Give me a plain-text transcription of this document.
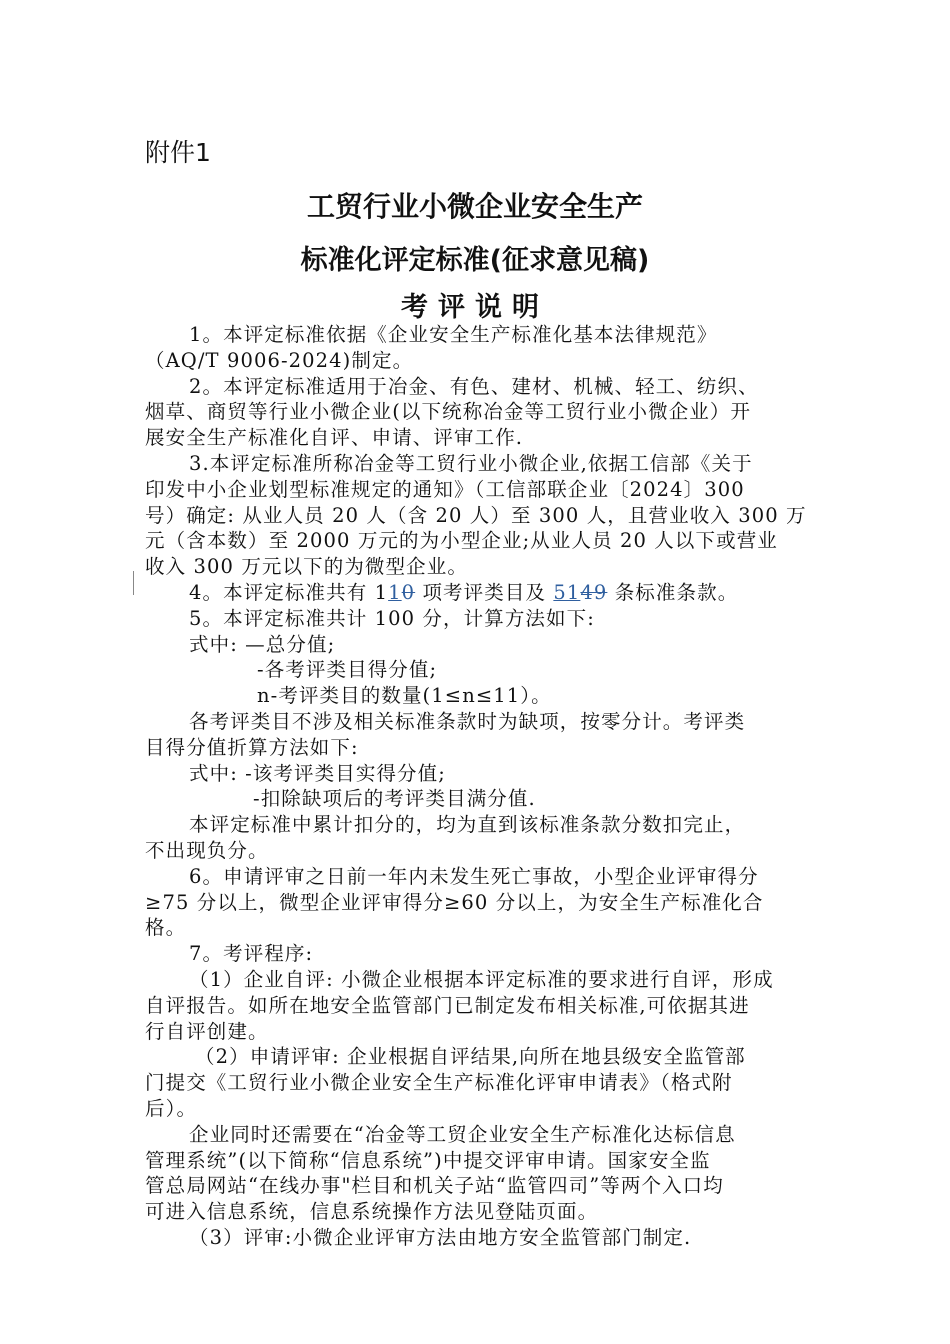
附件1
工贸行业小微企业安全生产
标准化评定标准(征求意见稿)
考评说明

1。本评定标准依据《企业安全生产标准化基本法律规范》

（AQ/T 9006-2024)制定。

2。本评定标准适用于冶金、有色、建材、机械、轻工、纺织、

烟草、商贸等行业小微企业(以下统称冶金等工贸行业小微企业）开

展安全生产标准化自评、申请、评审工作.

3.本评定标准所称冶金等工贸行业小微企业,依据工信部《关于

印发中小企业划型标准规定的通知》（工信部联企业〔2024〕300

号）确定: 从业人员 20 人（含 20 人）至 300 人，且营业收入 300 万

元（含本数）至 2000 万元的为小型企业;从业人员 20 人以下或营业

收入 300 万元以下的为微型企业。

4。本评定标准共有 110 项考评类目及 5149 条标准条款。

5。本评定标准共计 100 分，计算方法如下:

式中: —总分值;

-各考评类目得分值;

n-考评类目的数量(1≤n≤11）。

各考评类目不涉及相关标准条款时为缺项，按零分计。考评类

目得分值折算方法如下:

式中: -该考评类目实得分值;

-扣除缺项后的考评类目满分值.

本评定标准中累计扣分的，均为直到该标准条款分数扣完止，

不出现负分。

6。申请评审之日前一年内未发生死亡事故，小型企业评审得分

≥75 分以上，微型企业评审得分≥60 分以上，为安全生产标准化合

格。

7。考评程序:

（1）企业自评: 小微企业根据本评定标准的要求进行自评，形成

自评报告。如所在地安全监管部门已制定发布相关标准,可依据其进

行自评创建。

（2）申请评审: 企业根据自评结果,向所在地县级安全监管部

门提交《工贸行业小微企业安全生产标准化评审申请表》（格式附

后）。

企业同时还需要在“冶金等工贸企业安全生产标准化达标信息

管理系统”(以下简称“信息系统”)中提交评审申请。国家安全监

管总局网站“在线办事"栏目和机关子站“监管四司”等两个入口均

可进入信息系统，信息系统操作方法见登陆页面。

（3）评审:小微企业评审方法由地方安全监管部门制定.
